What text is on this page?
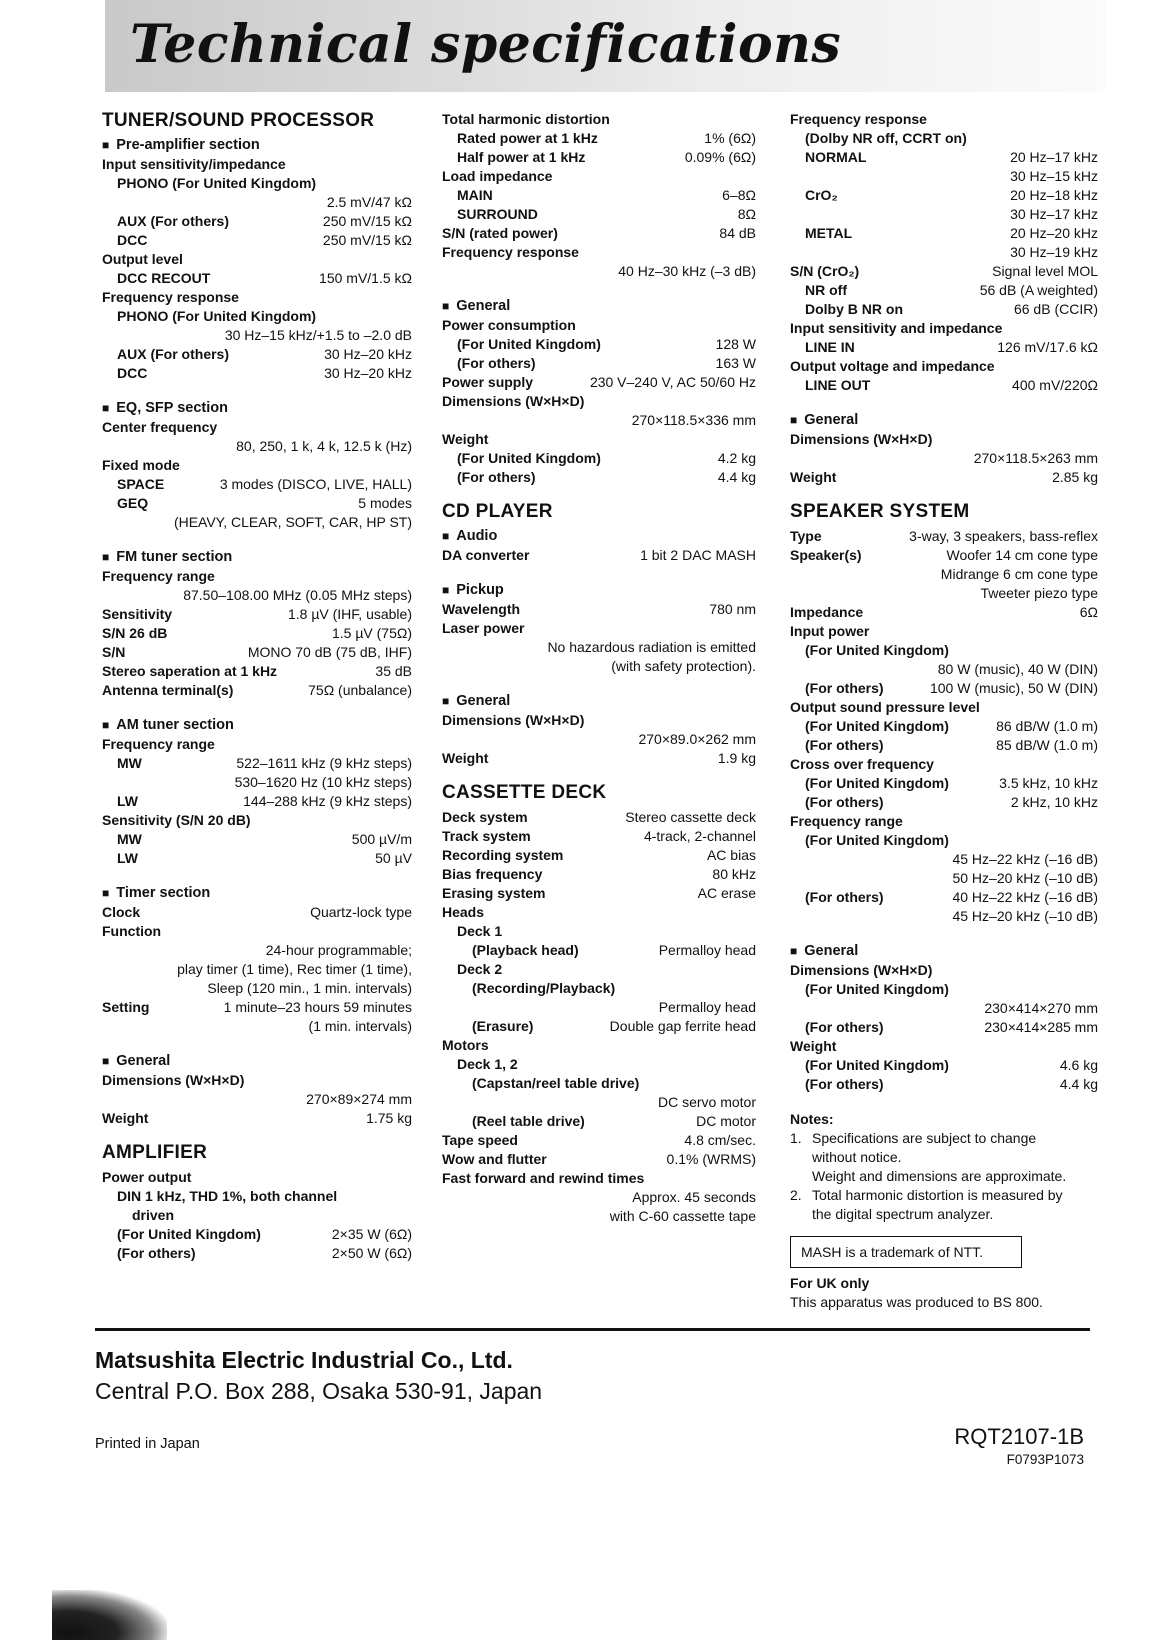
Technical specifications
TUNER/SOUND PROCESSOR
■ Pre-amplifier section
Input sensitivity/impedance
PHONO (For United Kingdom)
2.5 mV/47 kΩ
AUX (For others)	250 mV/15 kΩ
DCC	250 mV/15 kΩ
Output level
DCC RECOUT	150 mV/1.5 kΩ
Frequency response
PHONO (For United Kingdom)
30 Hz–15 kHz/+1.5 to –2.0 dB
AUX (For others)	30 Hz–20 kHz
DCC	30 Hz–20 kHz
■ EQ, SFP section
Center frequency
80, 250, 1 k, 4 k, 12.5 k (Hz)
Fixed mode
SPACE	3 modes (DISCO, LIVE, HALL)
GEQ	5 modes
(HEAVY, CLEAR, SOFT, CAR, HP ST)
■ FM tuner section
Frequency range
87.50–108.00 MHz (0.05 MHz steps)
Sensitivity	1.8 µV (IHF, usable)
S/N 26 dB	1.5 µV (75Ω)
S/N	MONO 70 dB (75 dB, IHF)
Stereo saperation at 1 kHz	35 dB
Antenna terminal(s)	75Ω (unbalance)
■ AM tuner section
Frequency range
MW	522–1611 kHz (9 kHz steps)
530–1620 Hz (10 kHz steps)
LW	144–288 kHz (9 kHz steps)
Sensitivity (S/N 20 dB)
MW	500 µV/m
LW	50 µV
■ Timer section
Clock	Quartz-lock type
Function
24-hour programmable;
play timer (1 time), Rec timer (1 time),
Sleep (120 min., 1 min. intervals)
Setting	1 minute–23 hours 59 minutes
(1 min. intervals)
■ General
Dimensions (W×H×D)
270×89×274 mm
Weight	1.75 kg
AMPLIFIER
Power output
DIN 1 kHz, THD 1%, both channel
driven
(For United Kingdom)	2×35 W (6Ω)
(For others)	2×50 W (6Ω)
Total harmonic distortion
Rated power at 1 kHz	1% (6Ω)
Half power at 1 kHz	0.09% (6Ω)
Load impedance
MAIN	6–8Ω
SURROUND	8Ω
S/N (rated power)	84 dB
Frequency response
40 Hz–30 kHz (–3 dB)
■ General
Power consumption
(For United Kingdom)	128 W
(For others)	163 W
Power supply	230 V–240 V, AC 50/60 Hz
Dimensions (W×H×D)
270×118.5×336 mm
Weight
(For United Kingdom)	4.2 kg
(For others)	4.4 kg
CD PLAYER
■ Audio
DA converter	1 bit 2 DAC MASH
■ Pickup
Wavelength	780 nm
Laser power
No hazardous radiation is emitted
(with safety protection).
■ General
Dimensions (W×H×D)
270×89.0×262 mm
Weight	1.9 kg
CASSETTE DECK
Deck system	Stereo cassette deck
Track system	4-track, 2-channel
Recording system	AC bias
Bias frequency	80 kHz
Erasing system	AC erase
Heads
Deck 1
(Playback head)	Permalloy head
Deck 2
(Recording/Playback)
Permalloy head
(Erasure)	Double gap ferrite head
Motors
Deck 1, 2
(Capstan/reel table drive)
DC servo motor
(Reel table drive)	DC motor
Tape speed	4.8 cm/sec.
Wow and flutter	0.1% (WRMS)
Fast forward and rewind times
Approx. 45 seconds
with C-60 cassette tape
Frequency response
(Dolby NR off, CCRT on)
NORMAL	20 Hz–17 kHz
30 Hz–15 kHz
CrO₂	20 Hz–18 kHz
30 Hz–17 kHz
METAL	20 Hz–20 kHz
30 Hz–19 kHz
S/N (CrO₂)	Signal level MOL
NR off	56 dB (A weighted)
Dolby B NR on	66 dB (CCIR)
Input sensitivity and impedance
LINE IN	126 mV/17.6 kΩ
Output voltage and impedance
LINE OUT	400 mV/220Ω
■ General
Dimensions (W×H×D)
270×118.5×263 mm
Weight	2.85 kg
SPEAKER SYSTEM
Type	3-way, 3 speakers, bass-reflex
Speaker(s)	Woofer 14 cm cone type
Midrange 6 cm cone type
Tweeter piezo type
Impedance	6Ω
Input power
(For United Kingdom)
80 W (music), 40 W (DIN)
(For others)	100 W (music), 50 W (DIN)
Output sound pressure level
(For United Kingdom)	86 dB/W (1.0 m)
(For others)	85 dB/W (1.0 m)
Cross over frequency
(For United Kingdom)	3.5 kHz, 10 kHz
(For others)	2 kHz, 10 kHz
Frequency range
(For United Kingdom)
45 Hz–22 kHz (–16 dB)
50 Hz–20 kHz (–10 dB)
(For others)	40 Hz–22 kHz (–16 dB)
45 Hz–20 kHz (–10 dB)
■ General
Dimensions (W×H×D)
(For United Kingdom)
230×414×270 mm
(For others)	230×414×285 mm
Weight
(For United Kingdom)	4.6 kg
(For others)	4.4 kg
Notes:
1. Specifications are subject to change
without notice.
Weight and dimensions are approximate.
2. Total harmonic distortion is measured by
the digital spectrum analyzer.
MASH is a trademark of NTT.
For UK only
This apparatus was produced to BS 800.
Matsushita Electric Industrial Co., Ltd.
Central P.O. Box 288, Osaka 530-91, Japan
Printed in Japan	RQT2107-1B
F0793P1073
